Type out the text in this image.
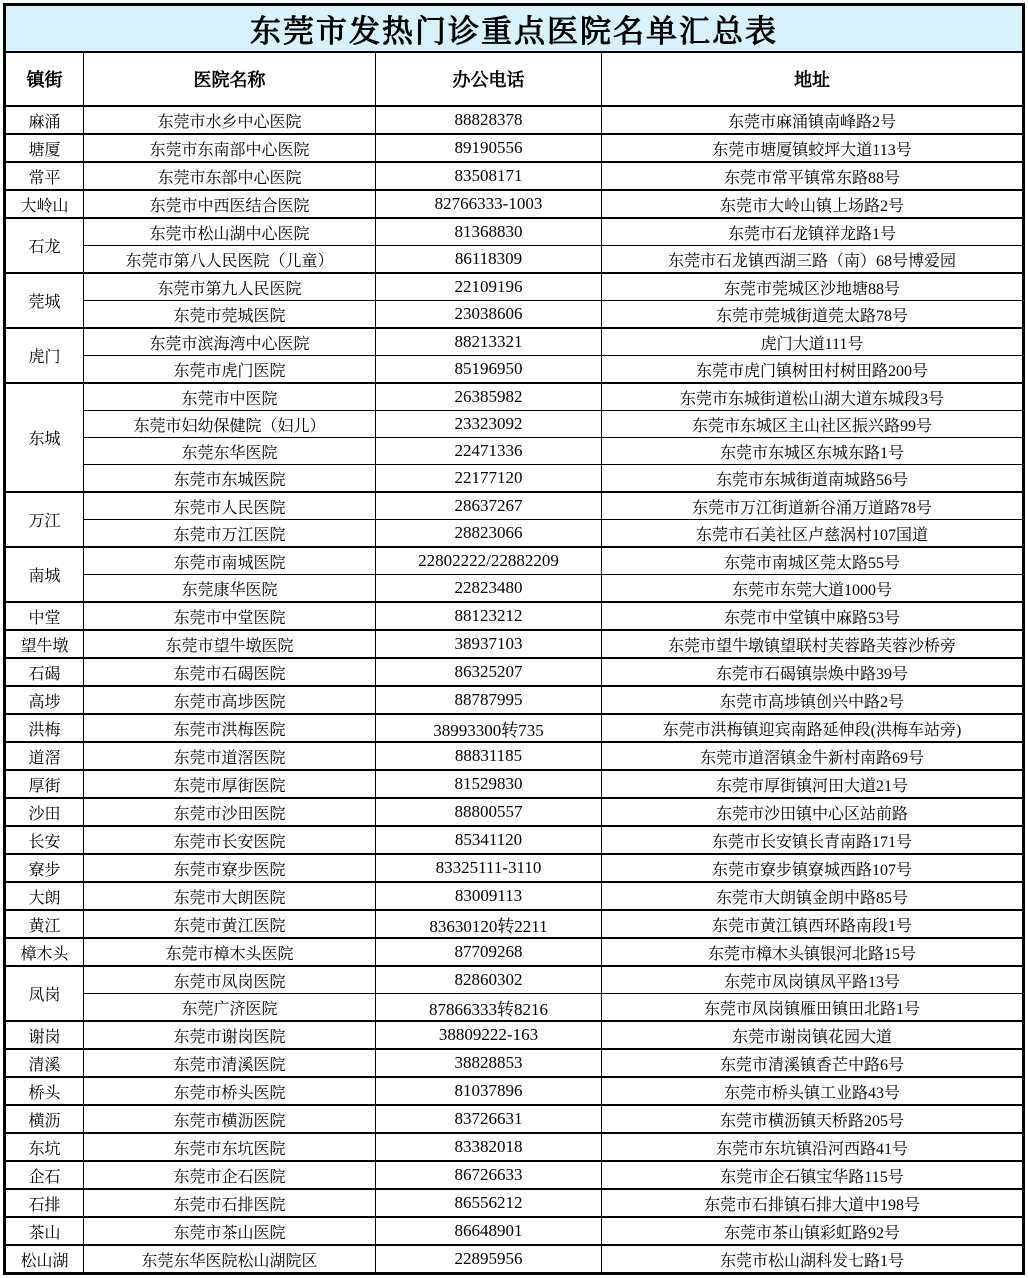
东莞市发热门诊重点医院名单汇总表			
镇街	医院名称	办公电话	地址
麻涌	东莞市水乡中心医院	88828378	东莞市麻涌镇南峰路2号
塘厦	东莞市东南部中心医院	89190556	东莞市塘厦镇蛟坪大道113号
常平	东莞市东部中心医院	83508171	东莞市常平镇常东路88号
大岭山	东莞市中西医结合医院	82766333-1003	东莞市大岭山镇上场路2号
石龙	东莞市松山湖中心医院	81368830	东莞市石龙镇祥龙路1号
	东莞市第八人民医院（儿童）	86118309	东莞市石龙镇西湖三路（南）68号博爱园
莞城	东莞市第九人民医院	22109196	东莞市莞城区沙地塘88号
	东莞市莞城医院	23038606	东莞市莞城街道莞太路78号
虎门	东莞市滨海湾中心医院	88213321	虎门大道111号
	东莞市虎门医院	85196950	东莞市虎门镇树田村树田路200号
东城	东莞市中医院	26385982	东莞市东城街道松山湖大道东城段3号
	东莞市妇幼保健院（妇儿）	23323092	东莞市东城区主山社区振兴路99号
	东莞东华医院	22471336	东莞市东城区东城东路1号
	东莞市东城医院	22177120	东莞市东城街道南城路56号
万江	东莞市人民医院	28637267	东莞市万江街道新谷涌万道路78号
	东莞市万江医院	28823066	东莞市石美社区卢慈涡村107国道
南城	东莞市南城医院	22802222/22882209	东莞市南城区莞太路55号
	东莞康华医院	22823480	东莞市东莞大道1000号
中堂	东莞市中堂医院	88123212	东莞市中堂镇中麻路53号
望牛墩	东莞市望牛墩医院	38937103	东莞市望牛墩镇望联村芙蓉路芙蓉沙桥旁
石碣	东莞市石碣医院	86325207	东莞市石碣镇崇焕中路39号
高埗	东莞市高埗医院	88787995	东莞市高埗镇创兴中路2号
洪梅	东莞市洪梅医院	38993300转735	东莞市洪梅镇迎宾南路延伸段(洪梅车站旁)
道滘	东莞市道滘医院	88831185	东莞市道滘镇金牛新村南路69号
厚街	东莞市厚街医院	81529830	东莞市厚街镇河田大道21号
沙田	东莞市沙田医院	88800557	东莞市沙田镇中心区站前路
长安	东莞市长安医院	85341120	东莞市长安镇长青南路171号
寮步	东莞市寮步医院	83325111-3110	东莞市寮步镇寮城西路107号
大朗	东莞市大朗医院	83009113	东莞市大朗镇金朗中路85号
黄江	东莞市黄江医院	83630120转2211	东莞市黄江镇西环路南段1号
樟木头	东莞市樟木头医院	87709268	东莞市樟木头镇银河北路15号
凤岗	东莞市凤岗医院	82860302	东莞市凤岗镇凤平路13号
	东莞广济医院	87866333转8216	东莞市凤岗镇雁田镇田北路1号
谢岗	东莞市谢岗医院	38809222-163	东莞市谢岗镇花园大道
清溪	东莞市清溪医院	38828853	东莞市清溪镇香芒中路6号
桥头	东莞市桥头医院	81037896	东莞市桥头镇工业路43号
横沥	东莞市横沥医院	83726631	东莞市横沥镇天桥路205号
东坑	东莞市东坑医院	83382018	东莞市东坑镇沿河西路41号
企石	东莞市企石医院	86726633	东莞市企石镇宝华路115号
石排	东莞市石排医院	86556212	东莞市石排镇石排大道中198号
茶山	东莞市茶山医院	86648901	东莞市茶山镇彩虹路92号
松山湖	东莞东华医院松山湖院区	22895956	东莞市松山湖科发七路1号
